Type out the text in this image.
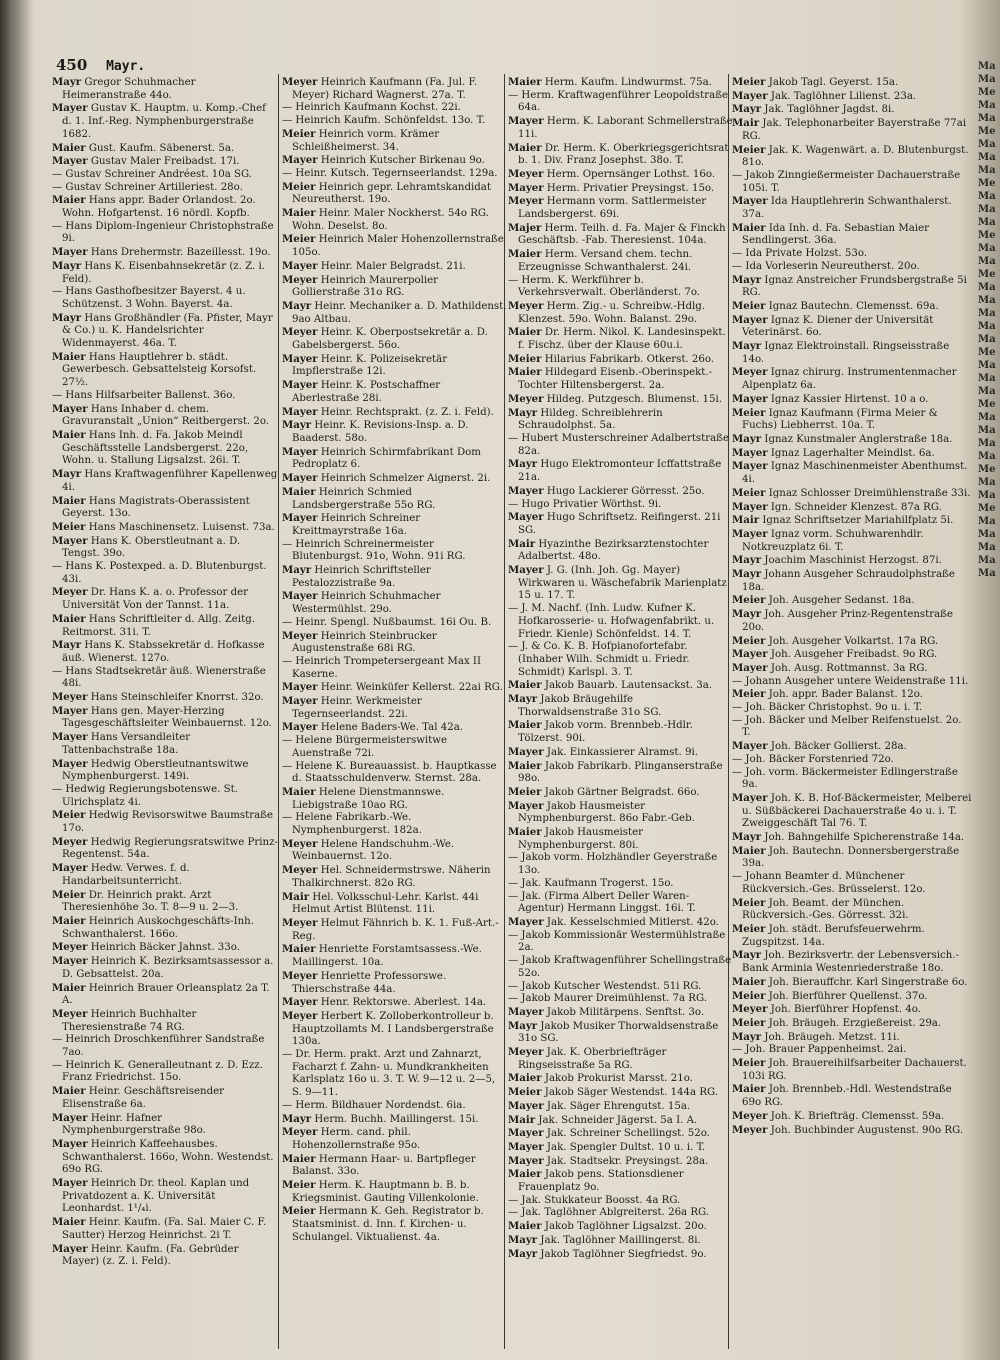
450 Mayr.

Mayr Gregor Schuhmacher Heimeranstraße 44o.

Mayer Gustav K. Hauptm. u. Komp.-Chef d. 1. Inf.-Reg. Nymphenburgerstraße 1682.

Maier Gust. Kaufm. Säbenerst. 5a.

Mayer Gustav Maler Freibadst. 17i.

— Gustav Schreiner Andréest. 10a SG.

— Gustav Schreiner Artilleriest. 28o.

Maier Hans appr. Bader Orlandost. 2o. Wohn. Hofgartenst. 16 nördl. Kopfb.

— Hans Diplom-Ingenieur Christophstraße 9i.

Mayer Hans Drehermstr. Bazeillesst. 19o.

Mayr Hans K. Eisenbahnsekretär (z. Z. i. Feld).

— Hans Gasthofbesitzer Bayerst. 4 u. Schützenst. 3 Wohn. Bayerst. 4a.

Mayr Hans Großhändler (Fa. Pfister, Mayr & Co.) u. K. Handelsrichter Widenmayerst. 46a. T.

Maier Hans Hauptlehrer b. städt. Gewerbesch. Gebsattelsteig Korsofst. 27½.

— Hans Hilfsarbeiter Ballenst. 36o.

Mayer Hans Inhaber d. chem. Gravuranstalt „Union“ Reitbergerst. 2o.

Maier Hans Inh. d. Fa. Jakob Meindl Geschäftsstelle Landsbergerst. 22o, Wohn. u. Stallung Ligsalzst. 26i. T.

Mayr Hans Kraftwagenführer Kapellenweg 4i.

Maier Hans Magistrats-Oberassistent Geyerst. 13o.

Meier Hans Maschinensetz. Luisenst. 73a.

Mayer Hans K. Oberstleutnant a. D. Tengst. 39o.

— Hans K. Postexped. a. D. Blutenburgst. 43i.

Meyer Dr. Hans K. a. o. Professor der Universität Von der Tannst. 11a.

Maier Hans Schriftleiter d. Allg. Zeitg. Reitmorst. 31i. T.

Mayr Hans K. Stabssekretär d. Hofkasse äuß. Wienerst. 127o.

— Hans Stadtsekretär äuß. Wienerstraße 48i.

Meyer Hans Steinschleifer Knorrst. 32o.

Mayer Hans gen. Mayer-Herzing Tagesgeschäftsleiter Weinbauernst. 12o.

Mayer Hans Versandleiter Tattenbachstraße 18a.

Mayer Hedwig Oberstleutnantswitwe Nymphenburgerst. 149i.

— Hedwig Regierungsbotenswe. St. Ulrichsplatz 4i.

Meier Hedwig Revisorswitwe Baumstraße 17o.

Meyer Hedwig Regierungsratswitwe Prinz-Regentenst. 54a.

Mayer Hedw. Verwes. f. d. Handarbeitsunterricht.

Meier Dr. Heinrich prakt. Arzt Theresienhöhe 3o. T. 8—9 u. 2—3.

Maier Heinrich Auskochgeschäfts-Inh. Schwanthalerst. 166o.

Meyer Heinrich Bäcker Jahnst. 33o.

Mayer Heinrich K. Bezirksamtsassessor a. D. Gebsattelst. 20a.

Maier Heinrich Brauer Orleansplatz 2a T. A.

Meyer Heinrich Buchhalter Theresienstraße 74 RG.

— Heinrich Droschkenführer Sandstraße 7ao.

— Heinrich K. Generalleutnant z. D. Ezz. Franz Friedrichst. 15o.

Maier Heinr. Geschäftsreisender Elisenstraße 6a.

Mayer Heinr. Hafner Nymphenburgerstraße 98o.

Mayer Heinrich Kaffeehausbes. Schwanthalerst. 166o, Wohn. Westendst. 69o RG.

Mayer Heinrich Dr. theol. Kaplan und Privatdozent a. K. Universität Leonhardst. 1¹/₄i.

Maier Heinr. Kaufm. (Fa. Sal. Maier C. F. Sautter) Herzog Heinrichst. 2i T.

Mayer Heinr. Kaufm. (Fa. Gebrüder Mayer) (z. Z. i. Feld).

Meyer Heinrich Kaufmann (Fa. Jul. F. Meyer) Richard Wagnerst. 27a. T.

— Heinrich Kaufmann Kochst. 22i.

— Heinrich Kaufm. Schönfeldst. 13o. T.

Meier Heinrich vorm. Krämer Schleißheimerst. 34.

Mayer Heinrich Kutscher Birkenau 9o.

— Heinr. Kutsch. Tegernseerlandst. 129a.

Meier Heinrich gepr. Lehramtskandidat Neureutherst. 19o.

Maier Heinr. Maler Nockherst. 54o RG. Wohn. Deselst. 8o.

Meier Heinrich Maler Hohenzollernstraße 105o.

Mayer Heinr. Maler Belgradst. 21i.

Meyer Heinrich Maurerpolier Gollierstraße 31o RG.

Mayr Heinr. Mechaniker a. D. Mathildenst. 9ao Altbau.

Meyer Heinr. K. Oberpostsekretär a. D. Gabelsbergerst. 56o.

Mayer Heinr. K. Polizeisekretär Impflerstraße 12i.

Mayer Heinr. K. Postschaffner Aberlestraße 28i.

Mayer Heinr. Rechtsprakt. (z. Z. i. Feld).

Mayr Heinr. K. Revisions-Insp. a. D. Baaderst. 58o.

Mayer Heinrich Schirmfabrikant Dom Pedroplatz 6.

Mayer Heinrich Schmelzer Aignerst. 2i.

Maier Heinrich Schmied Landsbergerstraße 55o RG.

Mayer Heinrich Schreiner Kreittmayrstraße 16a.

— Heinrich Schreinermeister Blutenburgst. 91o, Wohn. 91i RG.

Mayr Heinrich Schriftsteller Pestalozzistraße 9a.

Mayer Heinrich Schuhmacher Westermühlst. 29o.

— Heinr. Spengl. Nußbaumst. 16i Ou. B.

Meyer Heinrich Steinbrucker Augustenstraße 68i RG.

— Heinrich Trompetersergeant Max II Kaserne.

Mayer Heinr. Weinküfer Kellerst. 22ai RG.

Mayer Heinr. Werkmeister Tegernseerlandst. 22i.

Mayer Helene Baders-We. Tal 42a.

— Helene Bürgermeisterswitwe Auenstraße 72i.

— Helene K. Bureauassist. b. Hauptkasse d. Staatsschuldenverw. Sternst. 28a.

Maier Helene Dienstmannswe. Liebigstraße 10ao RG.

— Helene Fabrikarb.-We. Nymphenburgerst. 182a.

Meyer Helene Handschuhm.-We. Weinbauernst. 12o.

Meyer Hel. Schneidermstrswe. Näherin Thalkirchnerst. 82o RG.

Mair Hel. Volksschul-Lehr. Karlst. 44i Helmut Artist Blütenst. 11i.

Meyer Helmut Fähnrich b. K. 1. Fuß-Art.-Reg.

Maier Henriette Forstamtsassess.-We. Maillingerst. 10a.

Meyer Henriette Professorswe. Thierschstraße 44a.

Mayer Henr. Rektorswe. Aberlest. 14a.

Meyer Herbert K. Zolloberkontrolleur b. Hauptzollamts M. I Landsbergerstraße 130a.

— Dr. Herm. prakt. Arzt und Zahnarzt, Facharzt f. Zahn- u. Mundkrankheiten Karlsplatz 16o u. 3. T. W. 9—12 u. 2—5, S. 9—11.

— Herm. Bildhauer Nordendst. 6ia.

Mayr Herm. Buchh. Maillingerst. 15i.

Meyer Herm. cand. phil. Hohenzollernstraße 95o.

Maier Hermann Haar- u. Bartpfleger Balanst. 33o.

Meier Herm. K. Hauptmann b. B. b. Kriegsminist. Gauting Villenkolonie.

Meier Hermann K. Geh. Registrator b. Staatsminist. d. Inn. f. Kirchen- u. Schulangel. Viktualienst. 4a.

Maier Herm. Kaufm. Lindwurmst. 75a.

— Herm. Kraftwagenführer Leopoldstraße 64a.

Mayer Herm. K. Laborant Schmellerstraße 11i.

Maier Dr. Herm. K. Oberkriegsgerichtsrat b. 1. Div. Franz Josephst. 38o. T.

Meyer Herm. Opernsänger Lothst. 16o.

Mayer Herm. Privatier Preysingst. 15o.

Meyer Hermann vorm. Sattlermeister Landsbergerst. 69i.

Majer Herm. Teilh. d. Fa. Majer & Finckh Geschäftsb. -Fab. Theresienst. 104a.

Maier Herm. Versand chem. techn. Erzeugnisse Schwanthalerst. 24i.

— Herm. K. Werkführer b. Verkehrsverwalt. Oberländerst. 7o.

Meyer Herm. Zig.- u. Schreibw.-Hdlg. Klenzest. 59o. Wohn. Balanst. 29o.

Maier Dr. Herm. Nikol. K. Landesinspekt. f. Fischz. über der Klause 60u.i.

Meier Hilarius Fabrikarb. Otkerst. 26o.

Maier Hildegard Eisenb.-Oberinspekt.-Tochter Hiltensbergerst. 2a.

Meyer Hildeg. Putzgesch. Blumenst. 15i.

Mayr Hildeg. Schreiblehrerin Schraudolphst. 5a.

— Hubert Musterschreiner Adalbertstraße 82a.

Mayr Hugo Elektromonteur Icffattstraße 21a.

Mayer Hugo Lackierer Görresst. 25o.

— Hugo Privatier Wörthst. 9i.

Mayer Hugo Schriftsetz. Reifingerst. 21i SG.

Mair Hyazinthe Bezirksarztenstochter Adalbertst. 48o.

Mayer J. G. (Inh. Joh. Gg. Mayer) Wirkwaren u. Wäschefabrik Marienplatz 15 u. 17. T.

— J. M. Nachf. (Inh. Ludw. Kufner K. Hofkarosserie- u. Hofwagenfabrikt. u. Friedr. Kienle) Schönfeldst. 14. T.

— J. & Co. K. B. Hofpianofortefabr. (Inhaber Wilh. Schmidt u. Friedr. Schmidt) Karlspl. 3. T.

Maier Jakob Bauarb. Lautensackst. 3a.

Mayr Jakob Bräugehilfe Thorwaldsenstraße 31o SG.

Maier Jakob vorm. Brennbeb.-Hdlr. Tölzerst. 90i.

Mayer Jak. Einkassierer Alramst. 9i.

Maier Jakob Fabrikarb. Plinganserstraße 98o.

Meier Jakob Gärtner Belgradst. 66o.

Mayer Jakob Hausmeister Nymphenburgerst. 86o Fabr.-Geb.

Maier Jakob Hausmeister Nymphenburgerst. 80i.

— Jakob vorm. Holzhändler Geyerstraße 13o.

— Jak. Kaufmann Trogerst. 15o.

— Jak. (Firma Albert Deller Waren-Agentur) Hermann Linggst. 16i. T.

Mayer Jak. Kesselschmied Mitlerst. 42o.

— Jakob Kommissionär Westermühlstraße 2a.

— Jakob Kraftwagenführer Schellingstraße 52o.

— Jakob Kutscher Westendst. 51i RG.

— Jakob Maurer Dreimühlenst. 7a RG.

Mayer Jakob Militärpens. Senftst. 3o.

Mayr Jakob Musiker Thorwaldsenstraße 31o SG.

Meyer Jak. K. Oberbriefträger Ringseisstraße 5a RG.

Maier Jakob Prokurist Marsst. 21o.

Meier Jakob Säger Westendst. 144a RG.

Mayer Jak. Säger Ehrengutst. 15a.

Mair Jak. Schneider Jägerst. 5a I. A.

Mayer Jak. Schreiner Schellingst. 52o.

Mayer Jak. Spengler Dultst. 10 u. i. T.

Mayer Jak. Stadtsekr. Preysingst. 28a.

Maier Jakob pens. Stationsdiener Frauenplatz 9o.

— Jak. Stukkateur Boosst. 4a RG.

— Jak. Taglöhner Ablgreiterst. 26a RG.

Maier Jakob Taglöhner Ligsalzst. 20o.

Mayr Jak. Taglöhner Maillingerst. 8i.

Mayr Jakob Taglöhner Siegfriedst. 9o.

Meier Jakob Tagl. Geyerst. 15a.

Mayer Jak. Taglöhner Lilienst. 23a.

Mayr Jak. Taglöhner Jagdst. 8i.

Mair Jak. Telephonarbeiter Bayerstraße 77ai RG.

Meier Jak. K. Wagenwärt. a. D. Blutenburgst. 81o.

— Jakob Zinngießermeister Dachauerstraße 105i. T.

Mayer Ida Hauptlehrerin Schwanthalerst. 37a.

Maier Ida Inh. d. Fa. Sebastian Maier Sendlingerst. 36a.

— Ida Private Holzst. 53o.

— Ida Vorleserin Neureutherst. 20o.

Mayr Ignaz Anstreicher Frundsbergstraße 5i RG.

Meier Ignaz Bautechn. Clemensst. 69a.

Mayer Ignaz K. Diener der Universität Veterinärst. 6o.

Mayr Ignaz Elektroinstall. Ringseisstraße 14o.

Meyer Ignaz chirurg. Instrumentenmacher Alpenplatz 6a.

Mayer Ignaz Kassier Hirtenst. 10 a o.

Meier Ignaz Kaufmann (Firma Meier & Fuchs) Liebherrst. 10a. T.

Mayr Ignaz Kunstmaler Anglerstraße 18a.

Mayer Ignaz Lagerhalter Meindlst. 6a.

Mayer Ignaz Maschinenmeister Abenthumst. 4i.

Meier Ignaz Schlosser Dreimühlenstraße 33i.

Mayer Ign. Schneider Klenzest. 87a RG.

Mair Ignaz Schriftsetzer Mariahilfplatz 5i.

Mayer Ignaz vorm. Schuhwarenhdlr. Notkreuzplatz 6i. T.

Mayr Joachim Maschinist Herzogst. 87i.

Mayr Johann Ausgeher Schraudolphstraße 18a.

Meier Joh. Ausgeher Sedanst. 18a.

Mayr Joh. Ausgeher Prinz-Regentenstraße 20o.

Meier Joh. Ausgeher Volkartst. 17a RG.

Mayer Joh. Ausgeher Freibadst. 9o RG.

Mayer Joh. Ausg. Rottmannst. 3a RG.

— Johann Ausgeher untere Weidenstraße 11i.

Meier Joh. appr. Bader Balanst. 12o.

— Joh. Bäcker Christophst. 9o u. i. T.

— Joh. Bäcker und Melber Reifenstuelst. 2o. T.

Mayer Joh. Bäcker Gollierst. 28a.

— Joh. Bäcker Forstenried 72o.

— Joh. vorm. Bäckermeister Edlingerstraße 9a.

Mayer Joh. K. B. Hof-Bäckermeister, Melberei u. Süßbäckerei Dachauerstraße 4o u. i. T. Zweiggeschäft Tal 76. T.

Mayr Joh. Bahngehilfe Spicherenstraße 14a.

Maier Joh. Bautechn. Donnersbergerstraße 39a.

— Johann Beamter d. Münchener Rückversich.-Ges. Brüsselerst. 12o.

Meier Joh. Beamt. der München. Rückversich.-Ges. Görresst. 32i.

Meier Joh. städt. Berufsfeuerwehrm. Zugspitzst. 14a.

Mayr Joh. Bezirksvertr. der Lebensversich.-Bank Arminia Westenriederstraße 18o.

Maier Joh. Bierauffchr. Karl Singerstraße 6o.

Meier Joh. Bierführer Quellenst. 37o.

Meyer Joh. Bierführer Hopfenst. 4o.

Meier Joh. Bräugeh. Erzgießereist. 29a.

Mayr Joh. Bräugeh. Metzst. 11i.

— Joh. Brauer Pappenheimst. 2ai.

Meier Joh. Brauereihilfsarbeiter Dachauerst. 103i RG.

Maier Joh. Brennbeb.-Hdl. Westendstraße 69o RG.

Meyer Joh. K. Briefträg. Clemensst. 59a.

Meyer Joh. Buchbinder Augustenst. 90o RG.

Ma
Ma
Me
Ma
Ma
Me
Ma
Ma
Ma
Me
Ma
Ma
Ma
Me
Ma
Ma
Me
Ma
Ma
Ma
Ma
Ma
Me
Ma
Ma
Ma
Me
Ma
Ma
Ma
Ma
Me
Ma
Ma
Me
Ma
Ma
Ma
Ma
Ma
